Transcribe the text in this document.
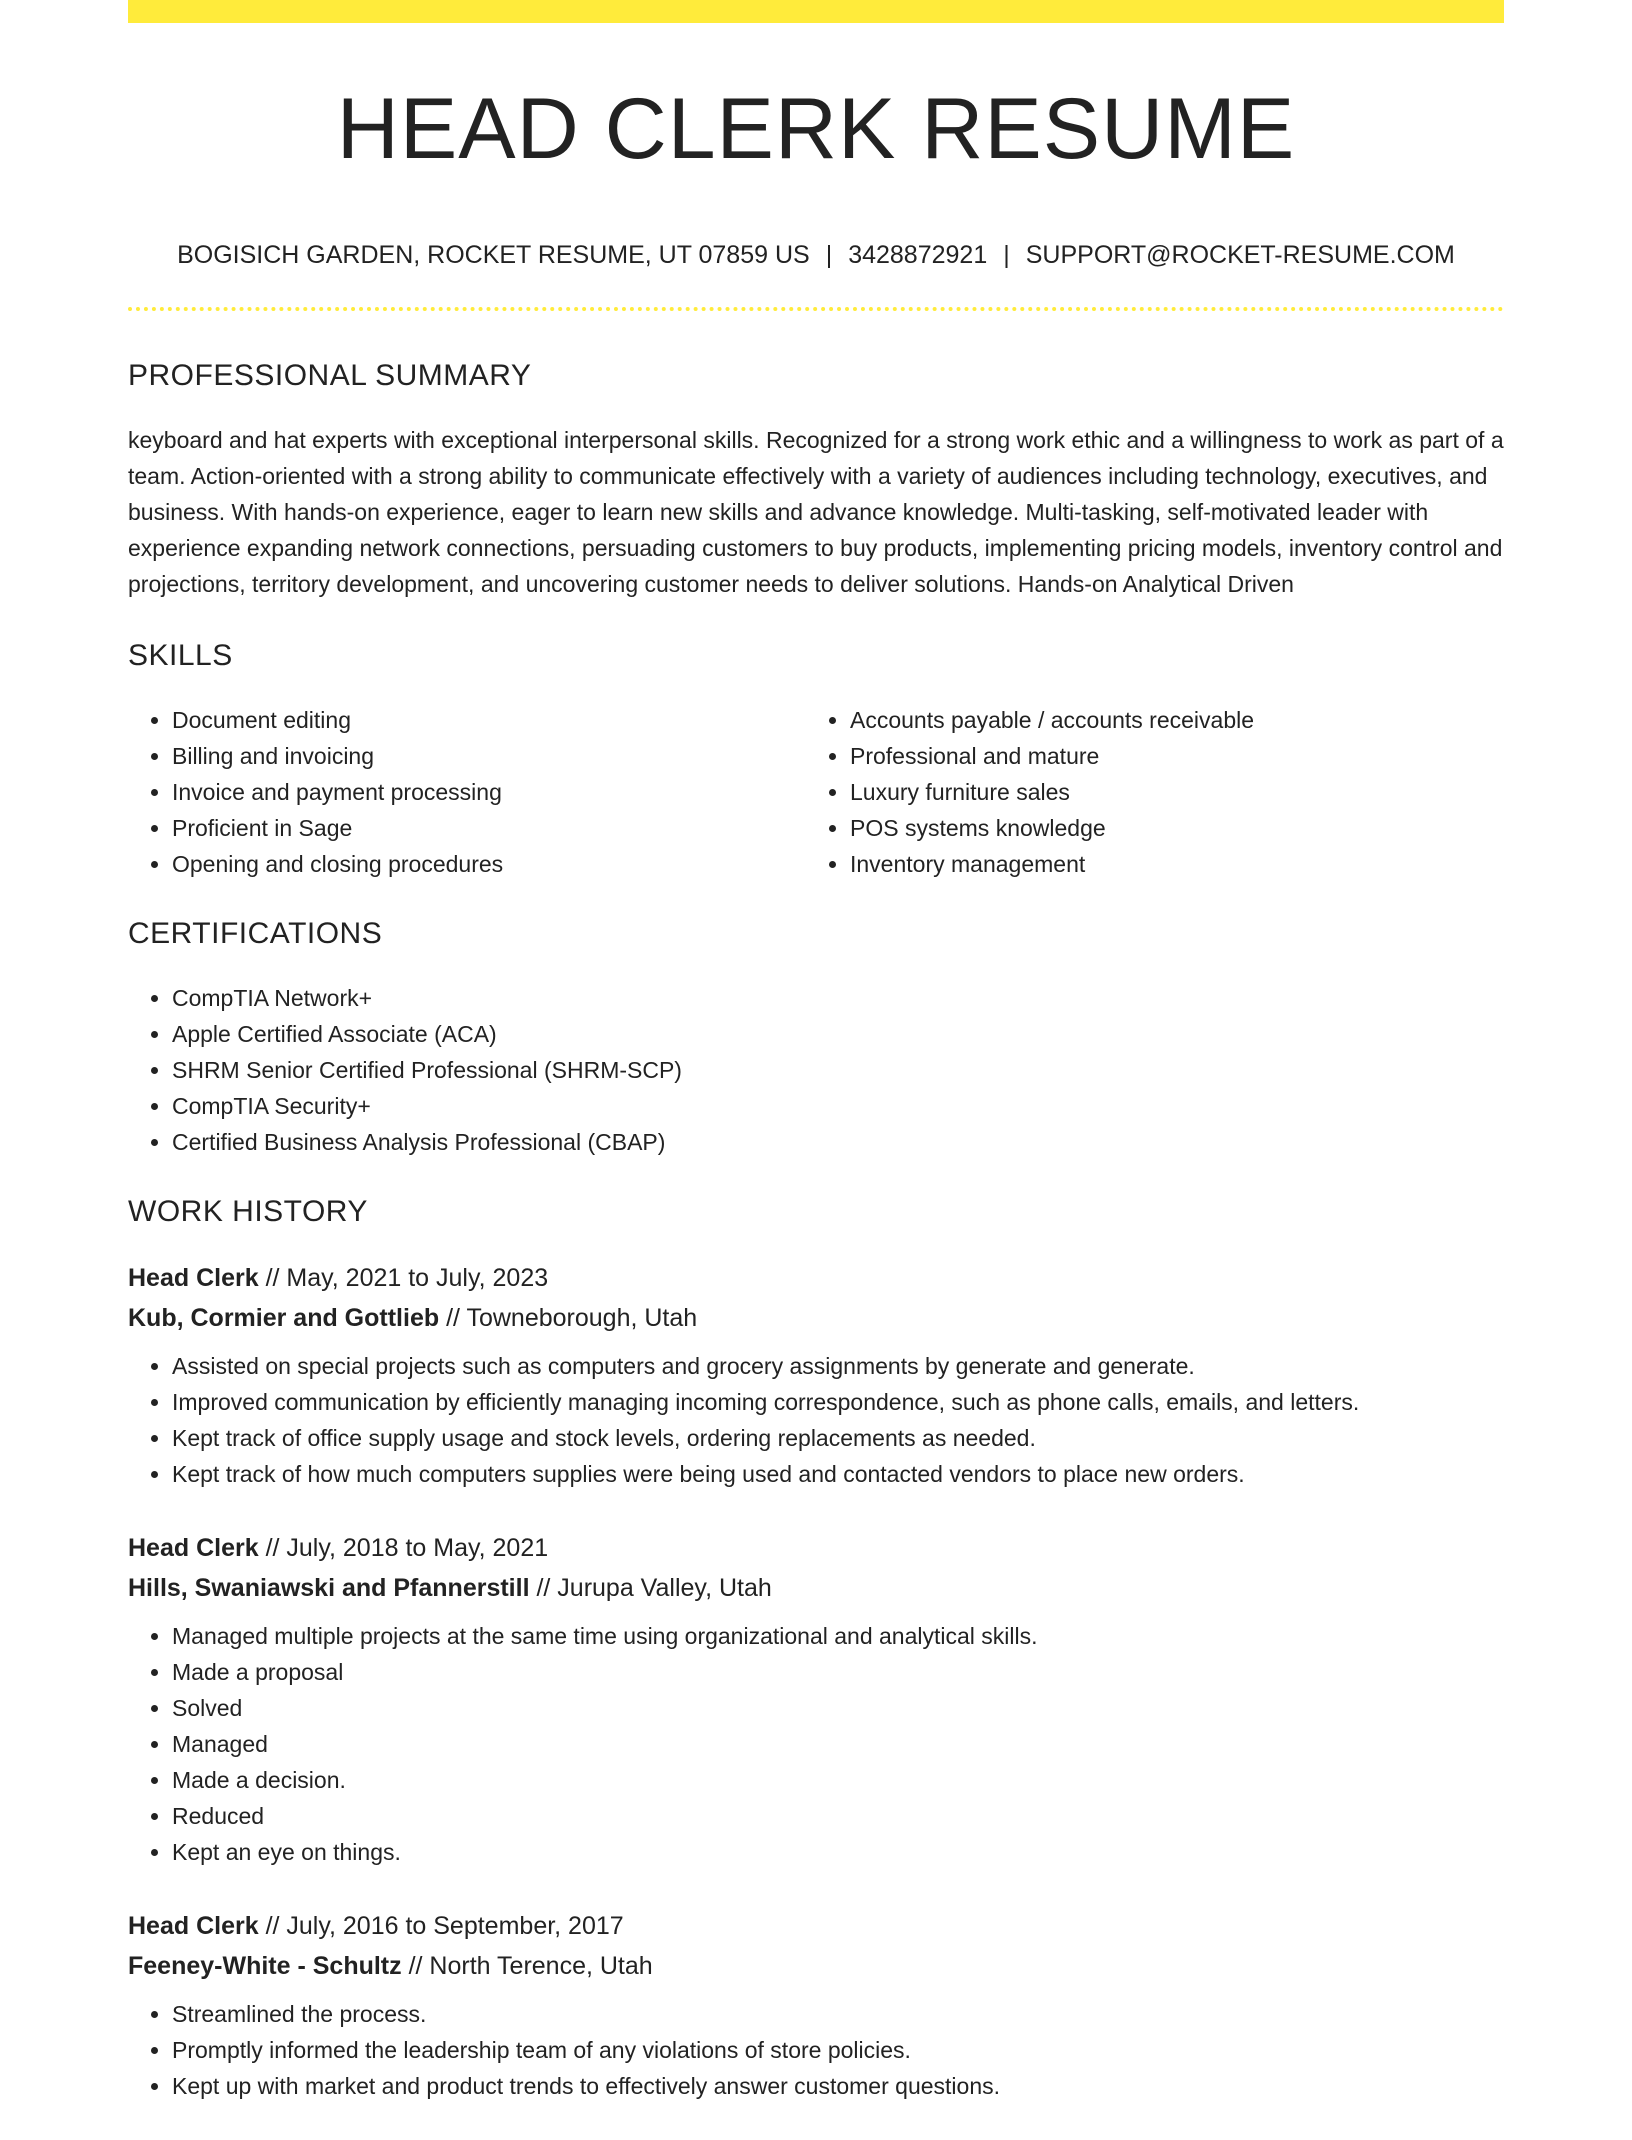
HEAD CLERK RESUME
BOGISICH GARDEN, ROCKET RESUME, UT 07859 US | 3428872921 | SUPPORT@ROCKET-RESUME.COM
PROFESSIONAL SUMMARY

keyboard and hat experts with exceptional interpersonal skills. Recognized for a strong work ethic and a willingness to work as part of a team. Action-oriented with a strong ability to communicate effectively with a variety of audiences including technology, executives, and business. With hands-on experience, eager to learn new skills and advance knowledge. Multi-tasking, self-motivated leader with experience expanding network connections, persuading customers to buy products, implementing pricing models, inventory control and projections, territory development, and uncovering customer needs to deliver solutions. Hands-on Analytical Driven

SKILLS
• Document editing
• Billing and invoicing
• Invoice and payment processing
• Proficient in Sage
• Opening and closing procedures
• Accounts payable / accounts receivable
• Professional and mature
• Luxury furniture sales
• POS systems knowledge
• Inventory management
CERTIFICATIONS
• CompTIA Network+
• Apple Certified Associate (ACA)
• SHRM Senior Certified Professional (SHRM-SCP)
• CompTIA Security+
• Certified Business Analysis Professional (CBAP)
WORK HISTORY
Head Clerk // May, 2021 to July, 2023
Kub, Cormier and Gottlieb // Towneborough, Utah
• Assisted on special projects such as computers and grocery assignments by generate and generate.
• Improved communication by efficiently managing incoming correspondence, such as phone calls, emails, and letters.
• Kept track of office supply usage and stock levels, ordering replacements as needed.
• Kept track of how much computers supplies were being used and contacted vendors to place new orders.
Head Clerk // July, 2018 to May, 2021
Hills, Swaniawski and Pfannerstill // Jurupa Valley, Utah
• Managed multiple projects at the same time using organizational and analytical skills.
• Made a proposal
• Solved
• Managed
• Made a decision.
• Reduced
• Kept an eye on things.
Head Clerk // July, 2016 to September, 2017
Feeney-White - Schultz // North Terence, Utah
• Streamlined the process.
• Promptly informed the leadership team of any violations of store policies.
• Kept up with market and product trends to effectively answer customer questions.
